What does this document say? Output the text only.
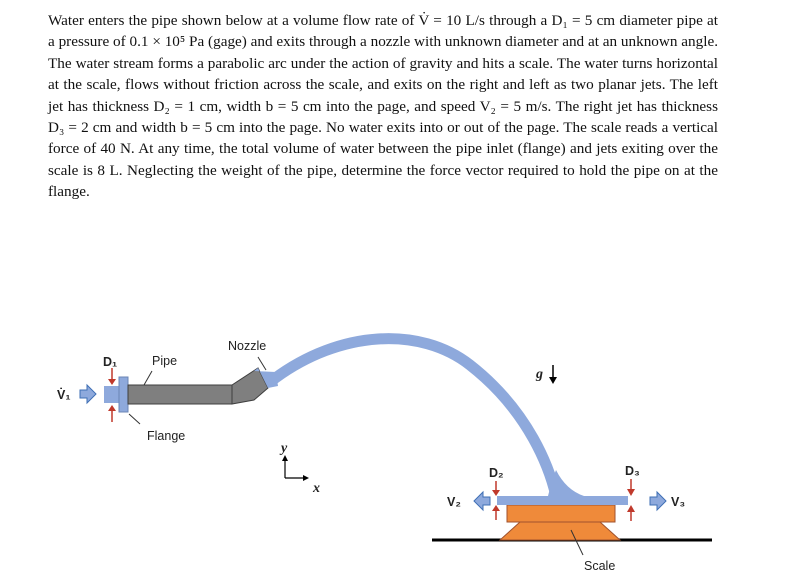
Water enters the pipe shown below at a volume flow rate of V̇ = 10 L/s through a D₁ = 5 cm diameter pipe at a pressure of 0.1 × 10⁵ Pa (gage) and exits through a nozzle with unknown diameter and at an unknown angle. The water stream forms a parabolic arc under the action of gravity and hits a scale. The water turns horizontal at the scale, flows without friction across the scale, and exits on the right and left as two planar jets. The left jet has thickness D₂ = 1 cm, width b = 5 cm into the page, and speed V₂ = 5 m/s. The right jet has thickness D₃ = 2 cm and width b = 5 cm into the page. No water exits into or out of the page. The scale reads a vertical force of 40 N. At any time, the total volume of water between the pipe inlet (flange) and jets exiting over the scale is 8 L. Neglecting the weight of the pipe, determine the force vector required to hold the pipe on at the flange.

D₁	Pipe
Nozzle
Flange
V̇₁
g⃗
y
x
D₂	D₃
V₂	V₃
Scale
